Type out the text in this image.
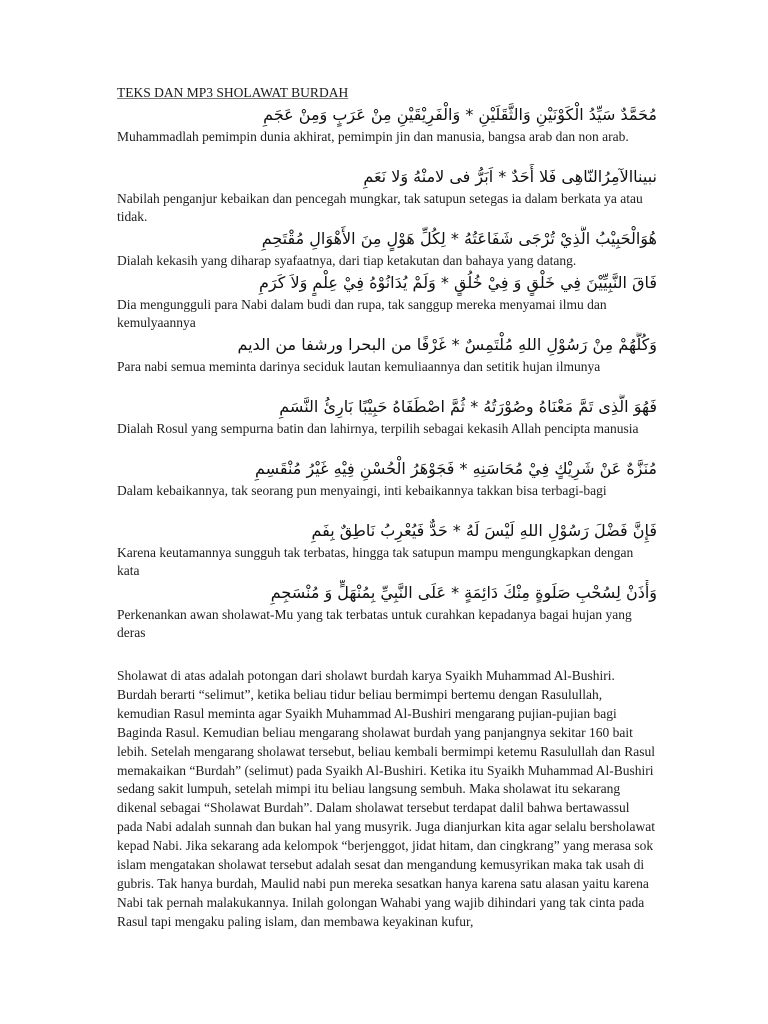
TEKS DAN MP3 SHOLAWAT BURDAH

مُحَمَّدٌ سَيِّدُ الْكَوْنَيْنِ وَالثَّقَلَيْنِ * وَالْفَرِيْقَيْنِ مِنْ عَرَبٍ وَمِنْ عَجَمِ

Muhammadlah pemimpin dunia akhirat, pemimpin jin dan manusia, bangsa arab dan non arab.

نبيناالآمِرُالنّاهِى فَلا أَحَدٌ * اَبَرُّ فى لامنْهُ وَلا نَعَمِ

Nabilah penganjur kebaikan dan pencegah mungkar, tak satupun setegas ia dalam berkata ya atau tidak.

هُوَالْحَبِيْبُ الَّذِيْ تُرْجَى شَفَاعَتُهُ * لِكُلِّ هَوْلٍ مِنَ الأَهْوَالِ مُقْتَحِمِ

Dialah kekasih yang diharap syafaatnya, dari tiap ketakutan dan bahaya yang datang.

فَاقَ النَّبِيِّيْنَ فِي خَلْقٍ وَ فِيْ خُلُقٍ * وَلَمْ يُدَانُوْهُ فِيْ عِلْمٍ وَلاَ كَرَمِ

Dia mengungguli para Nabi dalam budi dan rupa, tak sanggup mereka menyamai ilmu dan kemulyaannya

وَكُلُّهُمْ مِنْ رَسُوْلِ اللهِ مُلْتَمِسٌ * غَرْفًا من البحرا ورشفا من الديم

Para nabi semua meminta darinya seciduk lautan kemuliaannya dan setitik hujan ilmunya

فَهُوَ الَّذِى تَمَّ مَعْنَاهُ وصُوْرَتُهُ * ثُمَّ اصْطَفَاهُ حَبِيْبًا بَارِئُ النَّسَمِ

Dialah Rosul yang sempurna batin dan lahirnya, terpilih sebagai kekasih Allah pencipta manusia

مُنَزَّهٌ عَنْ شَرِيْكٍ فِيْ مُحَاسَنِهِ * فَجَوْهَرُ الْحُسْنِ فِيْهِ غَيْرُ مُنْقَسِمِ

Dalam kebaikannya, tak seorang pun menyaingi, inti kebaikannya takkan bisa terbagi-bagi

فَإِنَّ فَضْلَ رَسُوْلِ اللهِ لَيْسَ لَهُ * حَدٌّ فَيُعْرِبُ نَاطِقٌ بِفَمِ

Karena keutamannya sungguh tak terbatas, hingga tak satupun mampu mengungkapkan dengan kata

وَأْذَنْ لِسُحْبِ صَلَوةٍ مِنْكَ دَائِمَةٍ * عَلَى النَّبِيِّ بِمُنْهَلٍّ وَ مُنْسَجِمِ

Perkenankan awan sholawat-Mu yang tak terbatas untuk curahkan kepadanya bagai hujan yang deras

Sholawat di atas adalah potongan dari sholawt burdah karya Syaikh Muhammad Al-Bushiri. Burdah berarti “selimut”, ketika beliau tidur beliau bermimpi bertemu dengan Rasulullah, kemudian Rasul meminta agar Syaikh Muhammad Al-Bushiri mengarang pujian-pujian bagi Baginda Rasul. Kemudian beliau mengarang sholawat burdah yang panjangnya sekitar 160 bait lebih. Setelah mengarang sholawat tersebut, beliau kembali bermimpi ketemu Rasulullah dan Rasul memakaikan “Burdah” (selimut) pada Syaikh Al-Bushiri. Ketika itu Syaikh Muhammad Al-Bushiri sedang sakit lumpuh, setelah mimpi itu beliau langsung sembuh. Maka sholawat itu sekarang dikenal sebagai “Sholawat Burdah”. Dalam sholawat tersebut terdapat dalil bahwa bertawassul pada Nabi adalah sunnah dan bukan hal yang musyrik. Juga dianjurkan kita agar selalu bersholawat kepad Nabi. Jika sekarang ada kelompok “berjenggot, jidat hitam, dan cingkrang” yang merasa sok islam mengatakan sholawat tersebut adalah sesat dan mengandung kemusyrikan maka tak usah di gubris. Tak hanya burdah, Maulid nabi pun mereka sesatkan hanya karena satu alasan yaitu karena Nabi tak pernah malakukannya. Inilah golongan Wahabi yang wajib dihindari yang tak cinta pada Rasul tapi mengaku paling islam, dan membawa keyakinan kufur,
